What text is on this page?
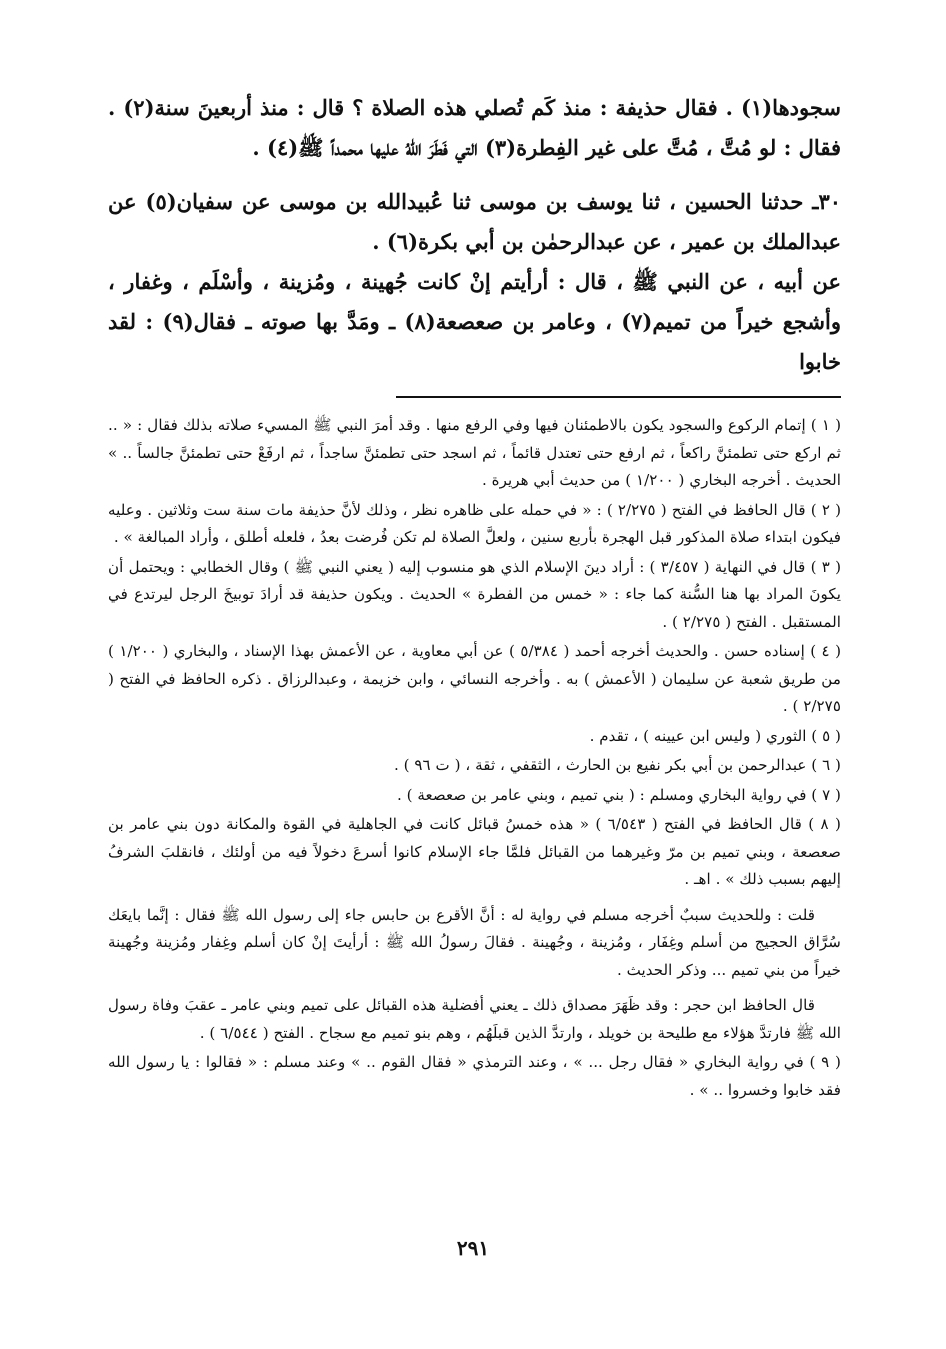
سجودها(١) . فقال حذيفة : منذ كَم تُصلي هذه الصلاة ؟ قال : منذ أربعينَ سنة(٢) . فقال : لو مُتَّ ، مُتَّ على غير الفِطرة(٣) التي فَطَرَ اللهُ عليها محمداً ﷺ(٤) .

٣٠ـ حدثنا الحسين ، ثنا يوسف بن موسى ثنا عُبيدالله بن موسى عن سفيان(٥) عن عبدالملك بن عمير ، عن عبدالرحمٰن بن أبي بكرة(٦) .

عن أبيه ، عن النبي ﷺ ، قال : أرأيتم إنْ كانت جُهينة ، ومُزينة ، وأسْلَم ، وغفار ، وأشجع خيراً من تميم(٧) ، وعامر بن صعصعة(٨) ـ ومَدَّ بها صوته ـ فقال(٩) : لقد خابوا

( ١ ) إتمام الركوع والسجود يكون بالاطمئنان فيها وفي الرفع منها . وقد أمرَ النبي ﷺ المسيء صلاته بذلك فقال : « .. ثم اركع حتى تطمئنَّ راكعاً ، ثم ارفع حتى تعتدل قائماً ، ثم اسجد حتى تطمئنَّ ساجداً ، ثم ارفَعْ حتى تطمئنَّ جالساً .. » الحديث . أخرجه البخاري ( ١/٢٠٠ ) من حديث أبي هريرة .

( ٢ ) قال الحافظ في الفتح ( ٢/٢٧٥ ) : « في حمله على ظاهره نظر ، وذلك لأنَّ حذيفة مات سنة ست وثلاثين . وعليه فيكون ابتداء صلاة المذكور قبل الهجرة بأربع سنين ، ولعلَّ الصلاة لم تكن فُرضت بعدُ ، فلعله أطلق ، وأراد المبالغة » .

( ٣ ) قال في النهاية ( ٣/٤٥٧ ) : أراد دينَ الإسلام الذي هو منسوب إليه ( يعني النبي ﷺ ) وقال الخطابي : ويحتمل أن يكونَ المراد بها هنا السُّنة كما جاء : « خمس من الفطرة » الحديث . ويكون حذيفة قد أرادَ توبيخَ الرجل ليرتدع في المستقبل . الفتح ( ٢/٢٧٥ ) .

( ٤ ) إسناده حسن . والحديث أخرجه أحمد ( ٥/٣٨٤ ) عن أبي معاوية ، عن الأعمش بهذا الإسناد ، والبخاري ( ١/٢٠٠ ) من طريق شعبة عن سليمان ( الأعمش ) به . وأخرجه النسائي ، وابن خزيمة ، وعبدالرزاق . ذكره الحافظ في الفتح ( ٢/٢٧٥ ) .

( ٥ ) الثوري ( وليس ابن عيينه ) ، تقدم .

( ٦ ) عبدالرحمن بن أبي بكر نفيع بن الحارث ، الثقفي ، ثقة ، ( ت ٩٦ ) .

( ٧ ) في رواية البخاري ومسلم : ( بني تميم ، وبني عامر بن صعصعة ) .

( ٨ ) قال الحافظ في الفتح ( ٦/٥٤٣ ) « هذه خمسُ قبائل كانت في الجاهلية في القوة والمكانة دون بني عامر بن صعصعة ، وبني تميم بن مرّ وغيرهما من القبائل فلمَّا جاء الإسلام كانوا أسرعَ دخولاً فيه من أولئك ، فانقلبَ الشرفُ إليهم بسبب ذلك » . اهـ .

قلت : وللحديث سببٌ أخرجه مسلم في رواية له : أنَّ الأقرع بن حابس جاء إلى رسول الله ﷺ فقال : إنَّما بايعَك سُرَّاق الحجيج من أسلم وغِفَار ، ومُزينة ، وجُهينة . فقالَ رسولُ الله ﷺ : أرأيتَ إنْ كان أسلم وغِفار ومُزينة وجُهينة خيراً من بني تميم ... وذكر الحديث .

قال الحافظ ابن حجر : وقد ظَهَرَ مصداق ذلك ـ يعني أفضلية هذه القبائل على تميم وبني عامر ـ عقبَ وفاة رسول الله ﷺ فارتدَّ هؤلاء مع طليحة بن خويلد ، وارتدَّ الذين قبلَهُم ، وهم بنو تميم مع سجاح . الفتح ( ٦/٥٤٤ ) .

( ٩ ) في رواية البخاري « فقال رجل ... » ، وعند الترمذي « فقال القوم .. » وعند مسلم : « فقالوا : يا رسول الله فقد خابوا وخسروا .. » .

٢٩١
